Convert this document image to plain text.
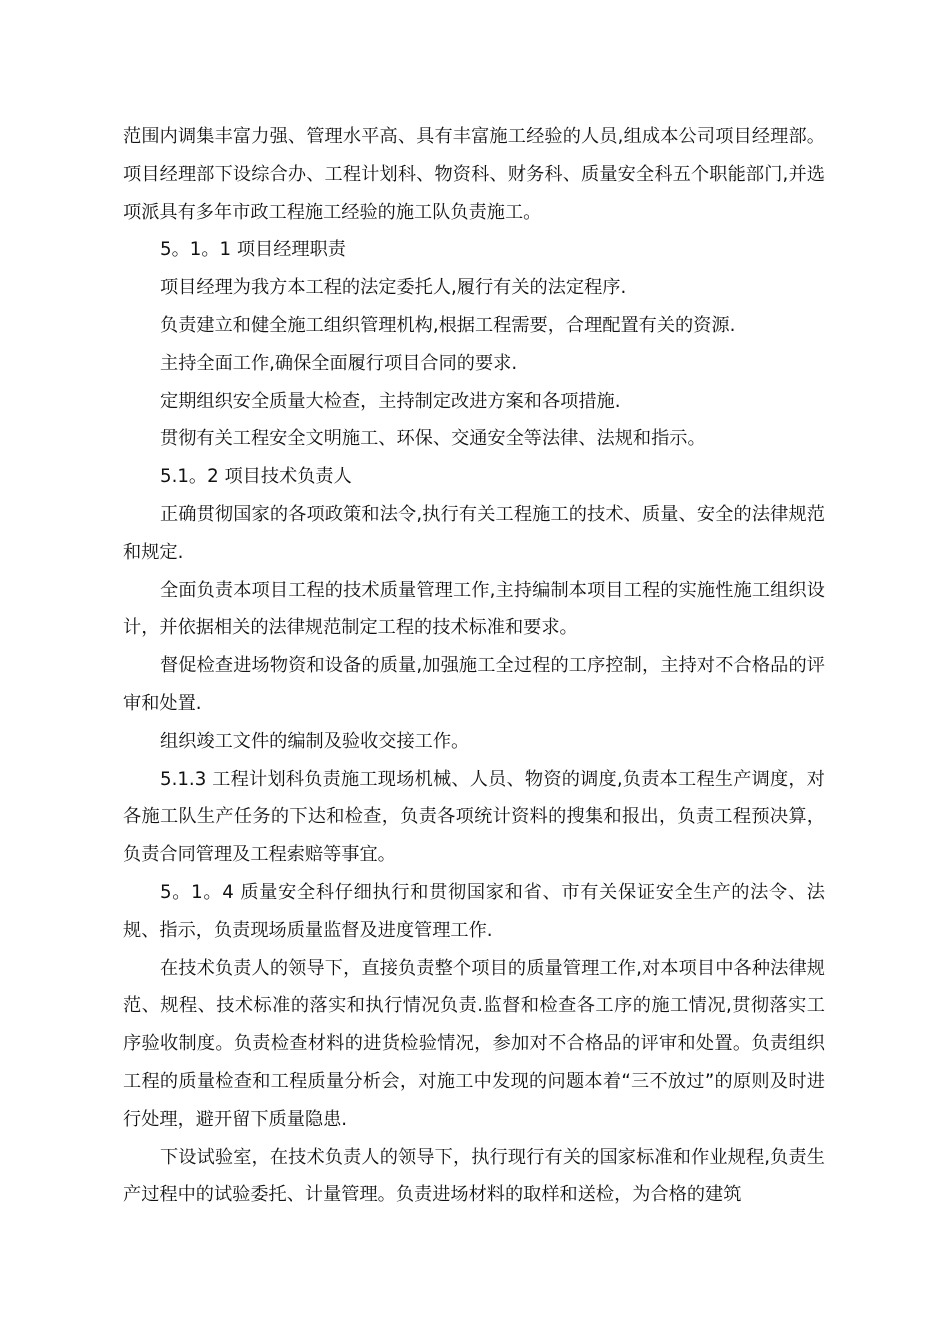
范围内调集丰富力强、管理水平高、具有丰富施工经验的人员,组成本公司项目经理部。项目经理部下设综合办、工程计划科、物资科、财务科、质量安全科五个职能部门,并选项派具有多年市政工程施工经验的施工队负责施工。

5。1。1 项目经理职责

项目经理为我方本工程的法定委托人,履行有关的法定程序.

负责建立和健全施工组织管理机构,根据工程需要，合理配置有关的资源.

主持全面工作,确保全面履行项目合同的要求.

定期组织安全质量大检查，主持制定改进方案和各项措施.

贯彻有关工程安全文明施工、环保、交通安全等法律、法规和指示。

5.1。2 项目技术负责人

正确贯彻国家的各项政策和法令,执行有关工程施工的技术、质量、安全的法律规范和规定.

全面负责本项目工程的技术质量管理工作,主持编制本项目工程的实施性施工组织设计，并依据相关的法律规范制定工程的技术标准和要求。

督促检查进场物资和设备的质量,加强施工全过程的工序控制，主持对不合格品的评审和处置.

组织竣工文件的编制及验收交接工作。

5.1.3 工程计划科负责施工现场机械、人员、物资的调度,负责本工程生产调度，对各施工队生产任务的下达和检查，负责各项统计资料的搜集和报出，负责工程预决算，负责合同管理及工程索赔等事宜。

5。1。4 质量安全科仔细执行和贯彻国家和省、市有关保证安全生产的法令、法规、指示，负责现场质量监督及进度管理工作.

在技术负责人的领导下，直接负责整个项目的质量管理工作,对本项目中各种法律规范、规程、技术标准的落实和执行情况负责.监督和检查各工序的施工情况,贯彻落实工序验收制度。负责检查材料的进货检验情况，参加对不合格品的评审和处置。负责组织工程的质量检查和工程质量分析会，对施工中发现的问题本着“三不放过”的原则及时进行处理，避开留下质量隐患.

下设试验室，在技术负责人的领导下，执行现行有关的国家标准和作业规程,负责生产过程中的试验委托、计量管理。负责进场材料的取样和送检，为合格的建筑
